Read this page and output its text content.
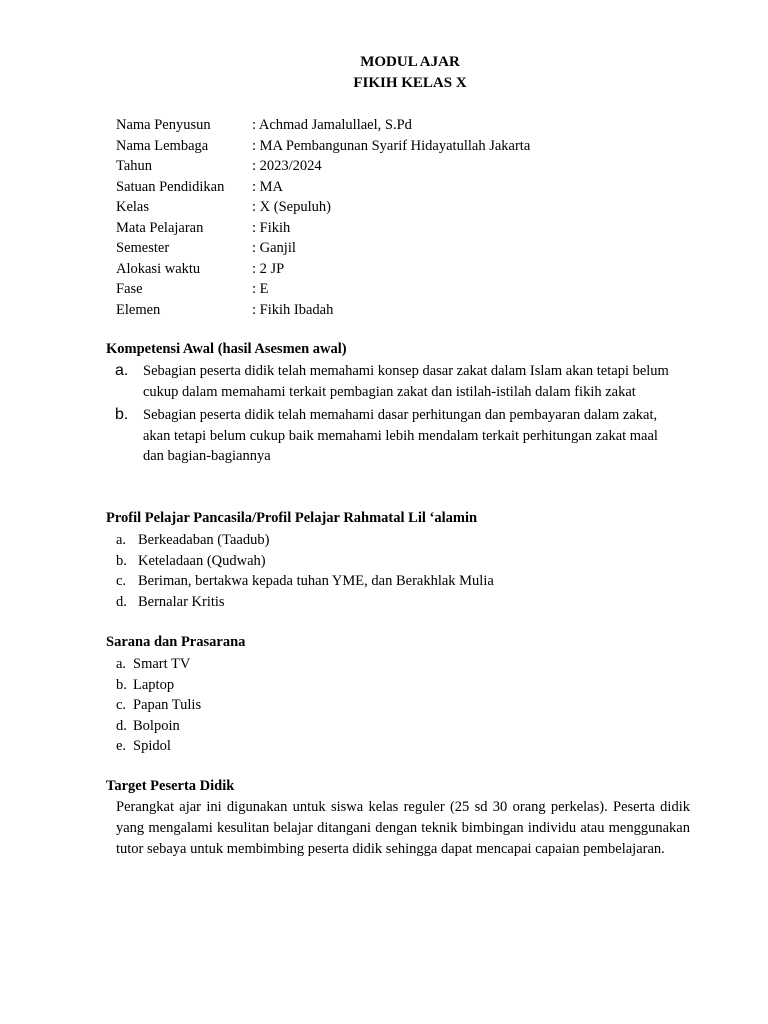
MODUL AJAR
FIKIH KELAS X
Nama Penyusun	: Achmad Jamalullael, S.Pd
Nama Lembaga	: MA Pembangunan Syarif Hidayatullah Jakarta
Tahun	: 2023/2024
Satuan Pendidikan : MA
Kelas	: X (Sepuluh)
Mata Pelajaran	: Fikih
Semester	: Ganjil
Alokasi waktu	: 2 JP
Fase	: E
Elemen	: Fikih Ibadah
Kompetensi Awal (hasil Asesmen awal)
a. Sebagian peserta didik telah memahami konsep dasar zakat dalam Islam akan tetapi belum cukup dalam memahami terkait pembagian zakat dan istilah-istilah dalam fikih zakat
b. Sebagian peserta didik telah memahami dasar perhitungan dan pembayaran dalam zakat, akan tetapi belum cukup baik memahami lebih mendalam terkait perhitungan zakat maal dan bagian-bagiannya
Profil Pelajar Pancasila/Profil Pelajar Rahmatal Lil ‘alamin
a. Berkeadaban (Taadub)
b. Keteladaan (Qudwah)
c. Beriman, bertakwa kepada tuhan YME, dan Berakhlak Mulia
d. Bernalar Kritis
Sarana dan Prasarana
a. Smart TV
b. Laptop
c. Papan Tulis
d. Bolpoin
e. Spidol
Target Peserta Didik

Perangkat ajar ini digunakan untuk siswa kelas reguler (25 sd 30 orang perkelas). Peserta didik yang mengalami kesulitan belajar ditangani dengan teknik bimbingan individu atau menggunakan tutor sebaya untuk membimbing peserta didik sehingga dapat mencapai capaian pembelajaran.
